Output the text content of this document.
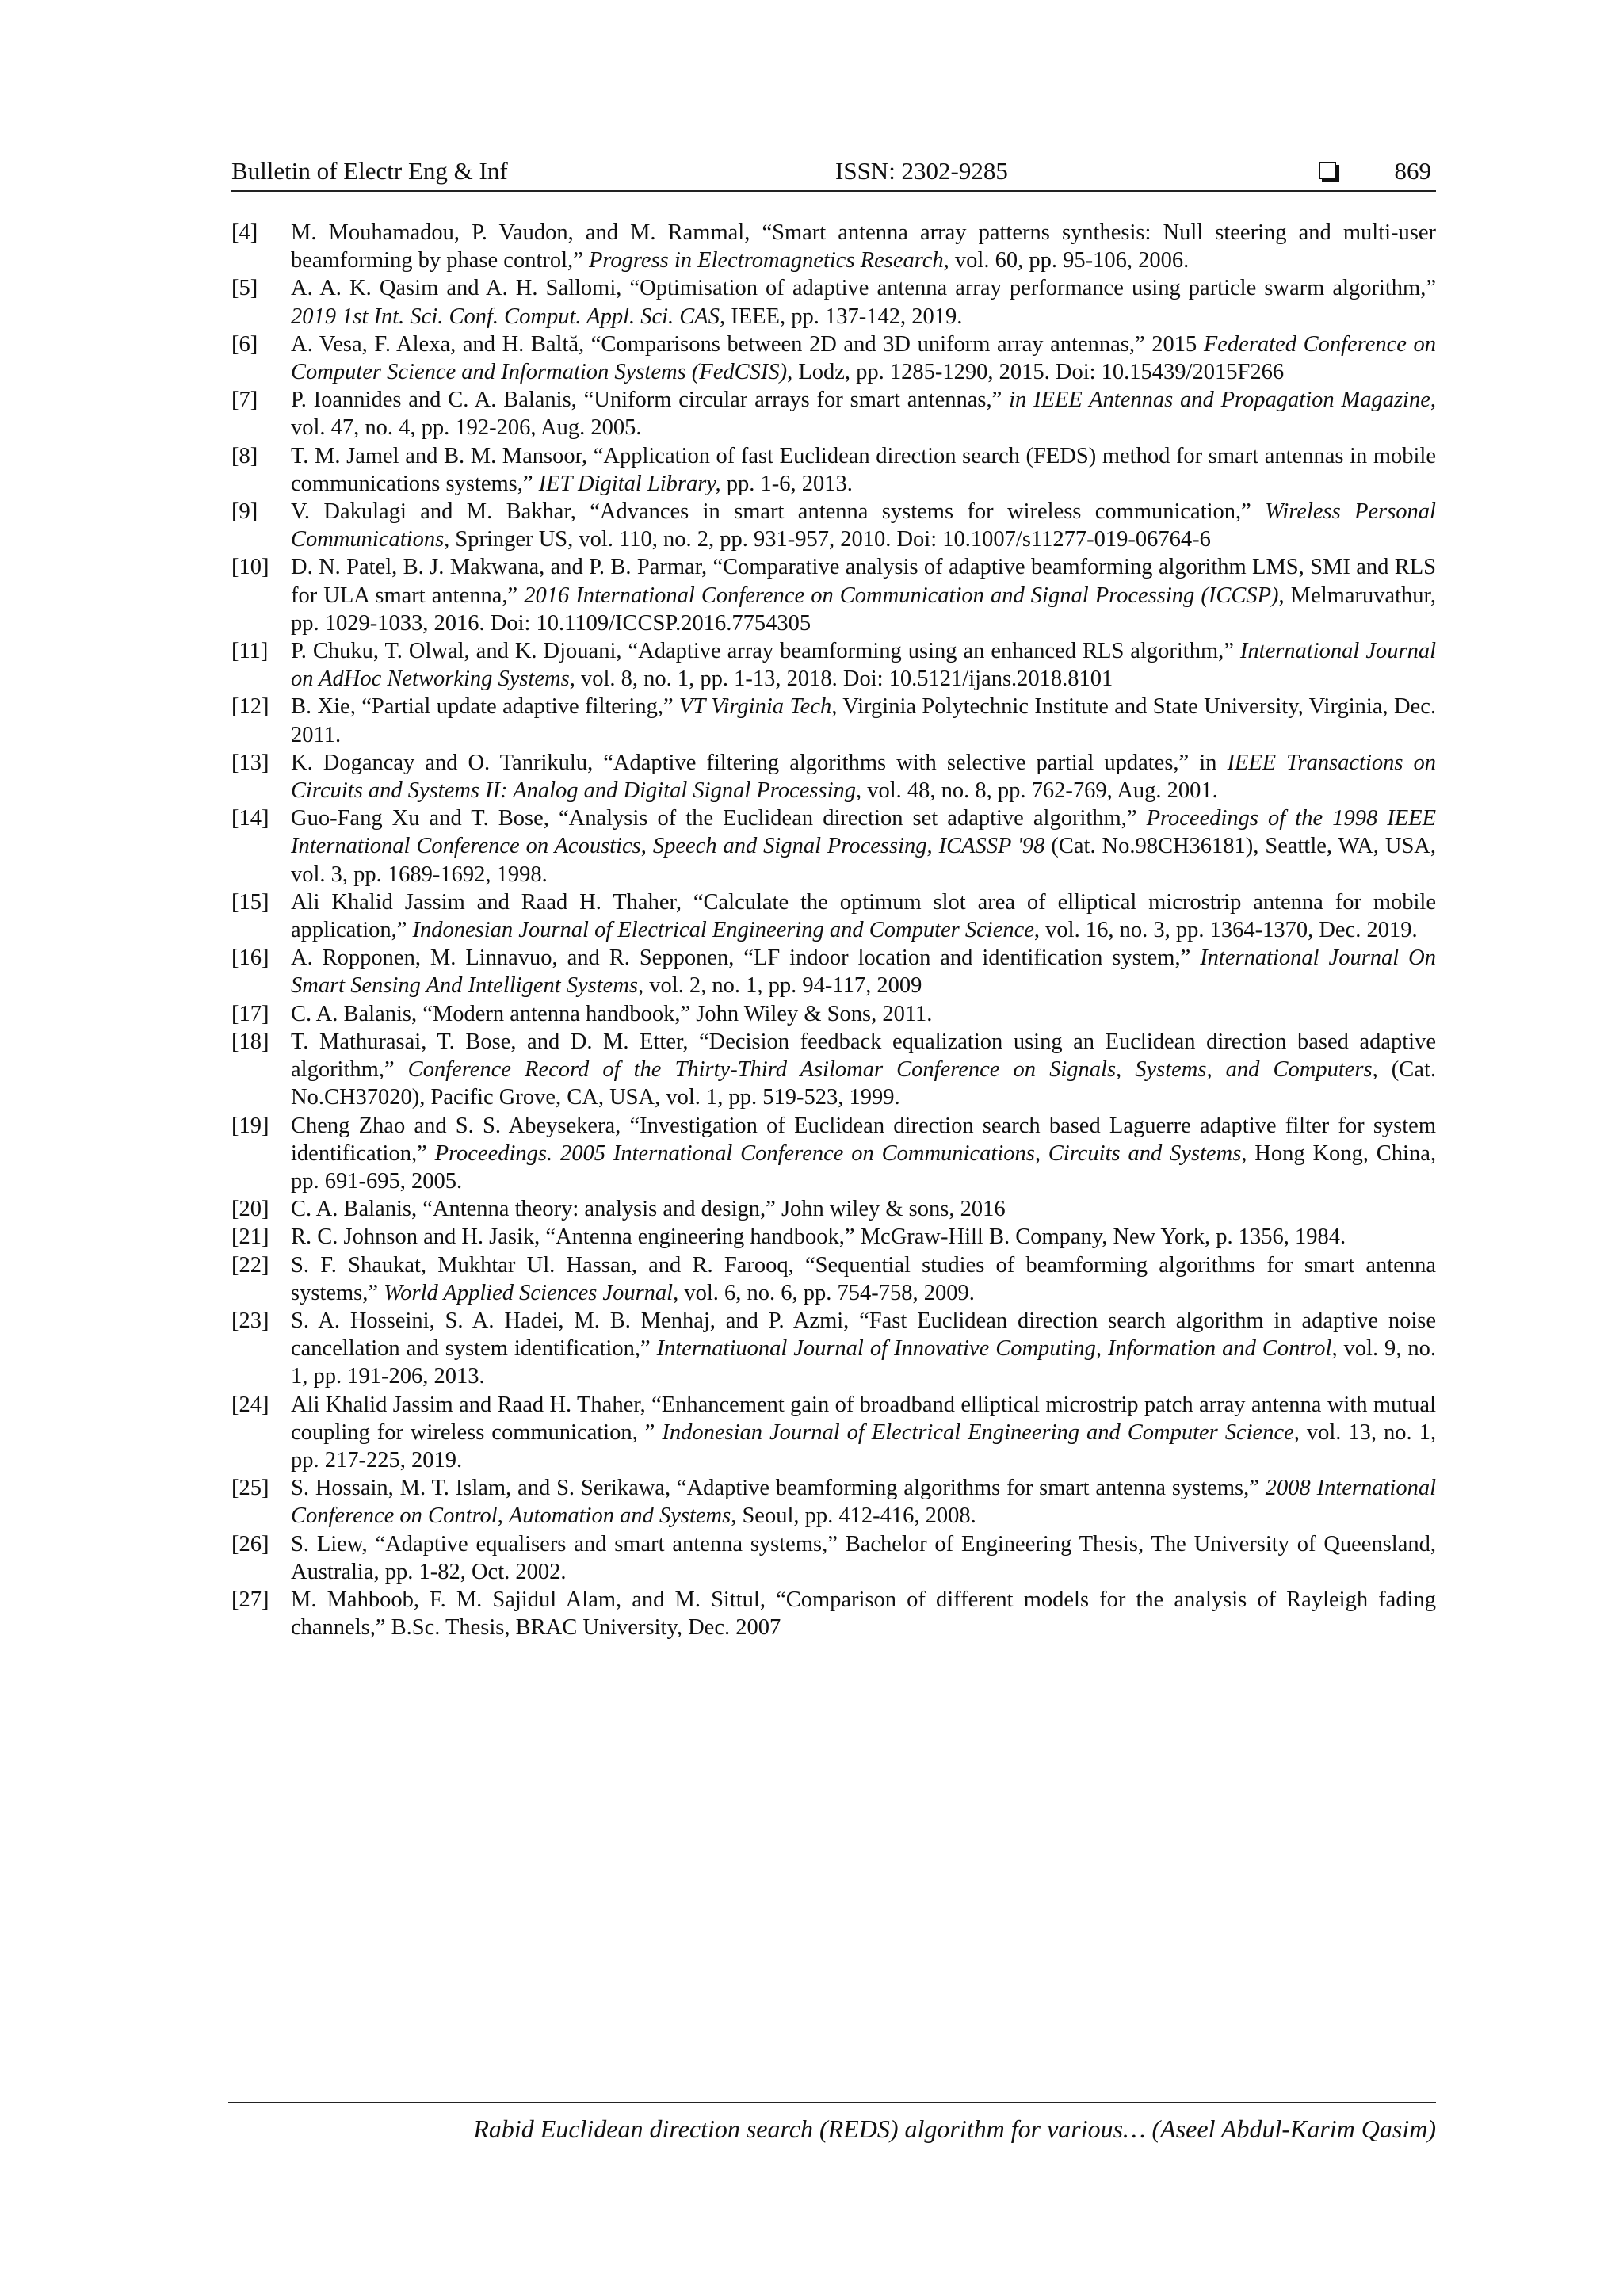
Bulletin of Electr Eng & Inf	ISSN: 2302-9285	869
[4] M. Mouhamadou, P. Vaudon, and M. Rammal, “Smart antenna array patterns synthesis: Null steering and multi-user beamforming by phase control,” Progress in Electromagnetics Research, vol. 60, pp. 95-106, 2006.
[5] A. A. K. Qasim and A. H. Sallomi, “Optimisation of adaptive antenna array performance using particle swarm algorithm,” 2019 1st Int. Sci. Conf. Comput. Appl. Sci. CAS, IEEE, pp. 137-142, 2019.
[6] A. Vesa, F. Alexa, and H. Baltă, “Comparisons between 2D and 3D uniform array antennas,” 2015 Federated Conference on Computer Science and Information Systems (FedCSIS), Lodz, pp. 1285-1290, 2015. Doi: 10.15439/2015F266
[7] P. Ioannides and C. A. Balanis, “Uniform circular arrays for smart antennas,” in IEEE Antennas and Propagation Magazine, vol. 47, no. 4, pp. 192-206, Aug. 2005.
[8] T. M. Jamel and B. M. Mansoor, “Application of fast Euclidean direction search (FEDS) method for smart antennas in mobile communications systems,” IET Digital Library, pp. 1-6, 2013.
[9] V. Dakulagi and M. Bakhar, “Advances in smart antenna systems for wireless communication,” Wireless Personal Communications, Springer US, vol. 110, no. 2, pp. 931-957, 2010. Doi: 10.1007/s11277-019-06764-6
[10] D. N. Patel, B. J. Makwana, and P. B. Parmar, “Comparative analysis of adaptive beamforming algorithm LMS, SMI and RLS for ULA smart antenna,” 2016 International Conference on Communication and Signal Processing (ICCSP), Melmaruvathur, pp. 1029-1033, 2016. Doi: 10.1109/ICCSP.2016.7754305
[11] P. Chuku, T. Olwal, and K. Djouani, “Adaptive array beamforming using an enhanced RLS algorithm,” International Journal on AdHoc Networking Systems, vol. 8, no. 1, pp. 1-13, 2018. Doi: 10.5121/ijans.2018.8101
[12] B. Xie, “Partial update adaptive filtering,” VT Virginia Tech, Virginia Polytechnic Institute and State University, Virginia, Dec. 2011.
[13] K. Dogancay and O. Tanrikulu, “Adaptive filtering algorithms with selective partial updates,” in IEEE Transactions on Circuits and Systems II: Analog and Digital Signal Processing, vol. 48, no. 8, pp. 762-769, Aug. 2001.
[14] Guo-Fang Xu and T. Bose, “Analysis of the Euclidean direction set adaptive algorithm,” Proceedings of the 1998 IEEE International Conference on Acoustics, Speech and Signal Processing, ICASSP '98 (Cat. No.98CH36181), Seattle, WA, USA, vol. 3, pp. 1689-1692, 1998.
[15] Ali Khalid Jassim and Raad H. Thaher, “Calculate the optimum slot area of elliptical microstrip antenna for mobile application,” Indonesian Journal of Electrical Engineering and Computer Science, vol. 16, no. 3, pp. 1364-1370, Dec. 2019.
[16] A. Ropponen, M. Linnavuo, and R. Sepponen, “LF indoor location and identification system,” International Journal On Smart Sensing And Intelligent Systems, vol. 2, no. 1, pp. 94-117, 2009
[17] C. A. Balanis, “Modern antenna handbook,” John Wiley & Sons, 2011.
[18] T. Mathurasai, T. Bose, and D. M. Etter, “Decision feedback equalization using an Euclidean direction based adaptive algorithm,” Conference Record of the Thirty-Third Asilomar Conference on Signals, Systems, and Computers, (Cat. No.CH37020), Pacific Grove, CA, USA, vol. 1, pp. 519-523, 1999.
[19] Cheng Zhao and S. S. Abeysekera, “Investigation of Euclidean direction search based Laguerre adaptive filter for system identification,” Proceedings. 2005 International Conference on Communications, Circuits and Systems, Hong Kong, China, pp. 691-695, 2005.
[20] C. A. Balanis, “Antenna theory: analysis and design,” John wiley & sons, 2016
[21] R. C. Johnson and H. Jasik, “Antenna engineering handbook,” McGraw-Hill B. Company, New York, p. 1356, 1984.
[22] S. F. Shaukat, Mukhtar Ul. Hassan, and R. Farooq, “Sequential studies of beamforming algorithms for smart antenna systems,” World Applied Sciences Journal, vol. 6, no. 6, pp. 754-758, 2009.
[23] S. A. Hosseini, S. A. Hadei, M. B. Menhaj, and P. Azmi, “Fast Euclidean direction search algorithm in adaptive noise cancellation and system identification,” Internatiuonal Journal of Innovative Computing, Information and Control, vol. 9, no. 1, pp. 191-206, 2013.
[24] Ali Khalid Jassim and Raad H. Thaher, “Enhancement gain of broadband elliptical microstrip patch array antenna with mutual coupling for wireless communication, ” Indonesian Journal of Electrical Engineering and Computer Science, vol. 13, no. 1, pp. 217-225, 2019.
[25] S. Hossain, M. T. Islam, and S. Serikawa, “Adaptive beamforming algorithms for smart antenna systems,” 2008 International Conference on Control, Automation and Systems, Seoul, pp. 412-416, 2008.
[26] S. Liew, “Adaptive equalisers and smart antenna systems,” Bachelor of Engineering Thesis, The University of Queensland, Australia, pp. 1-82, Oct. 2002.
[27] M. Mahboob, F. M. Sajidul Alam, and M. Sittul, “Comparison of different models for the analysis of Rayleigh fading channels,” B.Sc. Thesis, BRAC University, Dec. 2007
Rabid Euclidean direction search (REDS) algorithm for various… (Aseel Abdul-Karim Qasim)
